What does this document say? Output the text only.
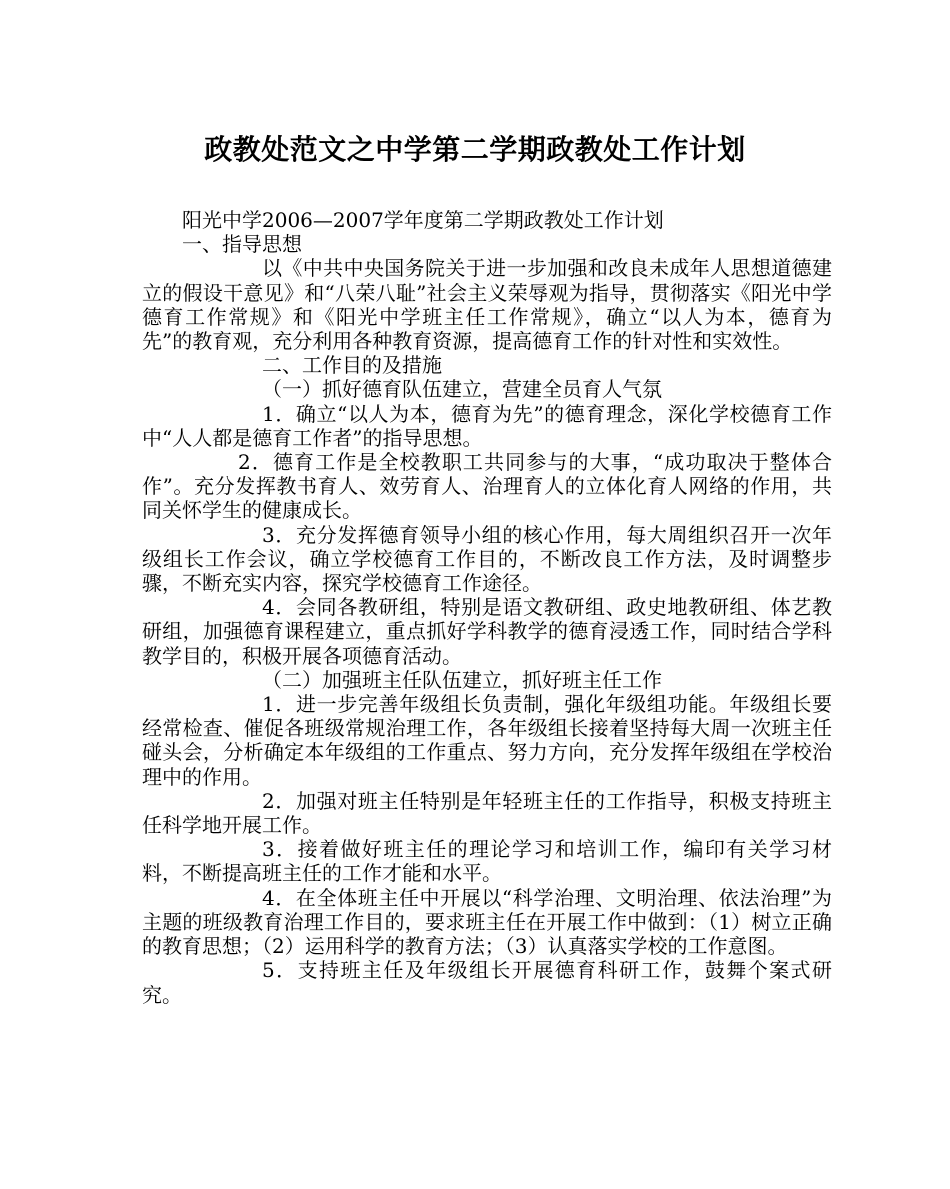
政教处范文之中学第二学期政教处工作计划

阳光中学2006—2007学年度第二学期政教处工作计划

一、指导思想

以《中共中央国务院关于进一步加强和改良未成年人思想道德建立的假设干意见》和“八荣八耻”社会主义荣辱观为指导，贯彻落实《阳光中学德育工作常规》和《阳光中学班主任工作常规》，确立“以人为本，德育为先”的教育观，充分利用各种教育资源，提高德育工作的针对性和实效性。

二、工作目的及措施

（一）抓好德育队伍建立，营建全员育人气氛

1．确立“以人为本，德育为先”的德育理念，深化学校德育工作中“人人都是德育工作者”的指导思想。

2．德育工作是全校教职工共同参与的大事，“成功取决于整体合作”。充分发挥教书育人、效劳育人、治理育人的立体化育人网络的作用，共同关怀学生的健康成长。

3．充分发挥德育领导小组的核心作用，每大周组织召开一次年级组长工作会议，确立学校德育工作目的，不断改良工作方法，及时调整步骤，不断充实内容，探究学校德育工作途径。

4．会同各教研组，特别是语文教研组、政史地教研组、体艺教研组，加强德育课程建立，重点抓好学科教学的德育浸透工作，同时结合学科教学目的，积极开展各项德育活动。

（二）加强班主任队伍建立，抓好班主任工作

1．进一步完善年级组长负责制，强化年级组功能。年级组长要经常检查、催促各班级常规治理工作，各年级组长接着坚持每大周一次班主任碰头会，分析确定本年级组的工作重点、努力方向，充分发挥年级组在学校治理中的作用。

2．加强对班主任特别是年轻班主任的工作指导，积极支持班主任科学地开展工作。

3．接着做好班主任的理论学习和培训工作，编印有关学习材料，不断提高班主任的工作才能和水平。

4．在全体班主任中开展以“科学治理、文明治理、依法治理”为主题的班级教育治理工作目的，要求班主任在开展工作中做到：（1）树立正确的教育思想；（2）运用科学的教育方法；（3）认真落实学校的工作意图。

5．支持班主任及年级组长开展德育科研工作，鼓舞个案式研究。
